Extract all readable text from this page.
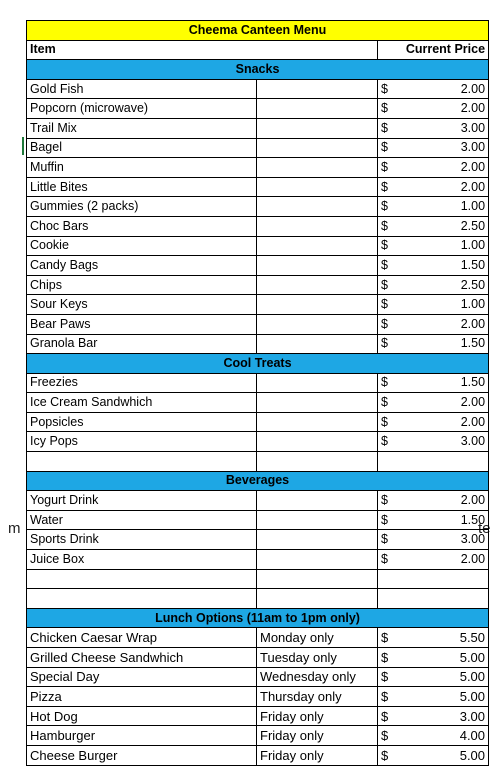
m	te
Cheema Canteen Menu			
Item		Current Price	
Snacks			
Gold Fish		$	2.00
Popcorn (microwave)		$	2.00
Trail Mix		$	3.00
Bagel		$	3.00
Muffin		$	2.00
Little Bites		$	2.00
Gummies (2 packs)		$	1.00
Choc Bars		$	2.50
Cookie		$	1.00
Candy Bags		$	1.50
Chips		$	2.50
Sour Keys		$	1.00
Bear Paws		$	2.00
Granola Bar		$	1.50
Cool Treats			
Freezies		$	1.50
Ice Cream Sandwhich		$	2.00
Popsicles		$	2.00
Icy Pops		$	3.00

Beverages			
Yogurt Drink		$	2.00
Water		$	1.50
Sports Drink		$	3.00
Juice Box		$	2.00

Lunch Options (11am to 1pm only)			
Chicken Caesar Wrap	Monday only	$	5.50
Grilled Cheese Sandwhich	Tuesday only	$	5.00
Special Day	Wednesday only	$	5.00
Pizza	Thursday only	$	5.00
Hot Dog	Friday only	$	3.00
Hamburger	Friday only	$	4.00
Cheese Burger	Friday only	$	5.00
